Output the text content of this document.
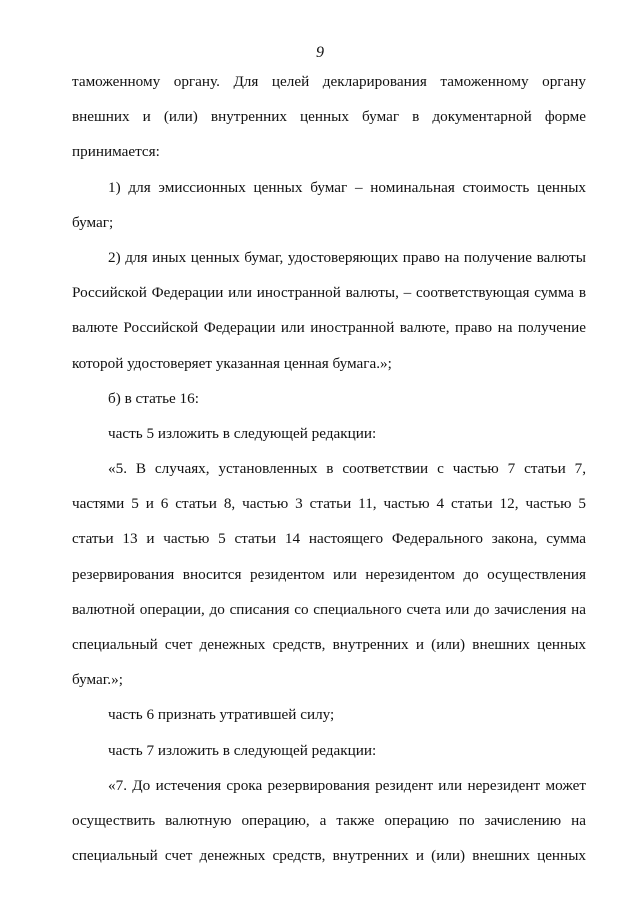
9
таможенному органу. Для целей декларирования таможенному органу
внешних и (или) внутренних ценных бумаг в документарной форме
принимается:
1) для эмиссионных ценных бумаг – номинальная стоимость ценных
бумаг;
2) для иных ценных бумаг, удостоверяющих право на получение валюты
Российской Федерации или иностранной валюты, – соответствующая сумма в
валюте Российской Федерации или иностранной валюте, право на получение
которой удостоверяет указанная ценная бумага.»;
б) в статье 16:
часть 5 изложить в следующей редакции:
«5. В случаях, установленных в соответствии с частью 7 статьи 7,
частями 5 и 6 статьи 8, частью 3 статьи 11, частью 4 статьи 12, частью 5
статьи 13 и частью 5 статьи 14 настоящего Федерального закона, сумма
резервирования вносится резидентом или нерезидентом до осуществления
валютной операции, до списания со специального счета или до зачисления на
специальный счет денежных средств, внутренних и (или) внешних ценных
бумаг.»;
часть 6 признать утратившей силу;
часть 7 изложить в следующей редакции:
«7. До истечения срока резервирования резидент или нерезидент может
осуществить валютную операцию, а также операцию по зачислению на
специальный счет денежных средств, внутренних и (или) внешних ценных
